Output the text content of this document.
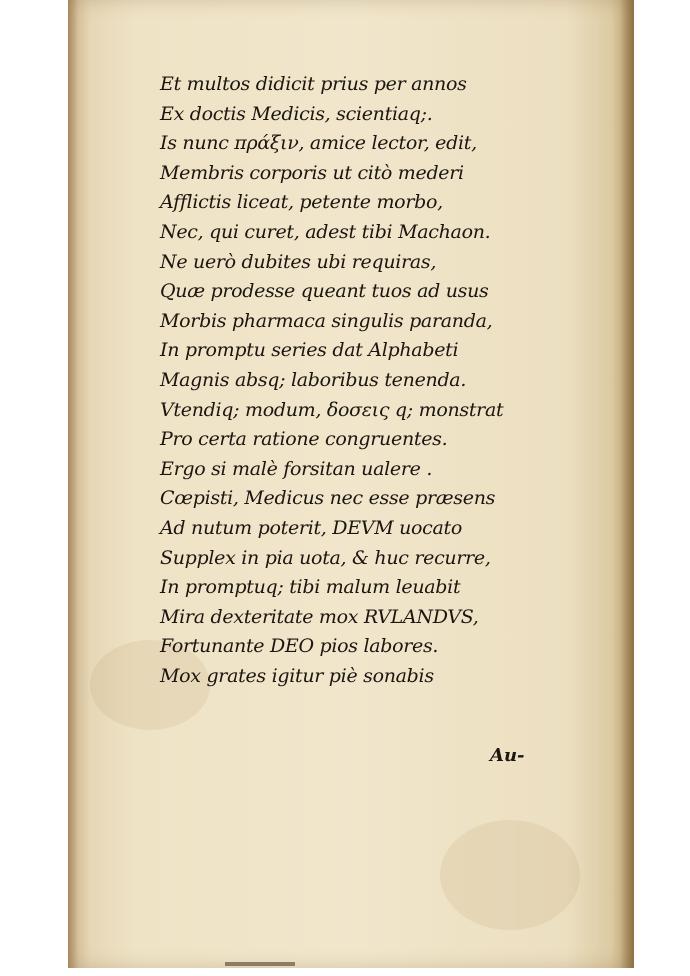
Et multos didicit prius per annos
Ex doctis Medicis, scientiaq;.
Is nunc πράξιν, amice lector, edit,
Membris corporis ut citò mederi
Afflictis liceat, petente morbo,
Nec, qui curet, adest tibi Machaon.
Ne uerò dubites ubi requiras,
Quæ prodesse queant tuos ad usus
Morbis pharmaca singulis paranda,
In promptu series dat Alphabeti
Magnis absq; laboribus tenenda.
Vtendiq; modum, δοσεις q; monstrat
Pro certa ratione congruentes.
Ergo si malè forsitan ualere .
Cœpisti, Medicus nec esse præsens
Ad nutum poterit, DEVM uocato
Supplex in pia uota, & huc recurre,
In promptuq; tibi malum leuabit
Mira dexteritate mox RVLANDVS,
Fortunante DEO pios labores.
Mox grates igitur piè sonabis
Au-
